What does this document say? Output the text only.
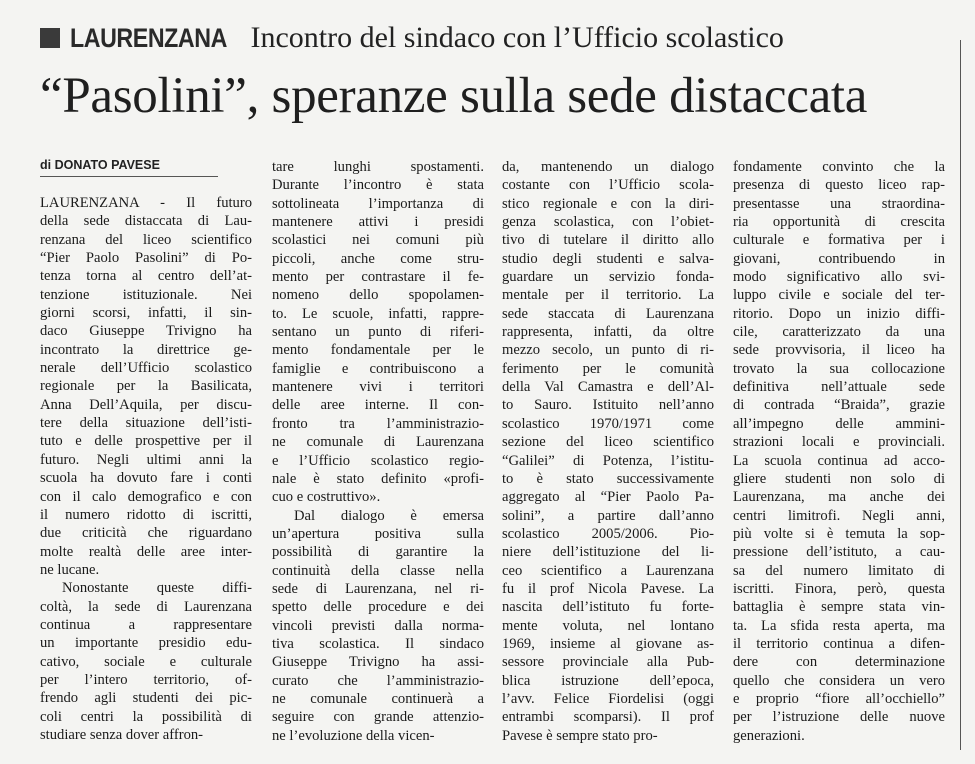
LAURENZANA Incontro del sindaco con l’Ufficio scolastico
“Pasolini”, speranze sulla sede distaccata
di DONATO PAVESE
LAURENZANA - Il futuro
della sede distaccata di Lau-
renzana del liceo scientifico
“Pier Paolo Pasolini” di Po-
tenza torna al centro dell’at-
tenzione istituzionale. Nei
giorni scorsi, infatti, il sin-
daco Giuseppe Trivigno ha
incontrato la direttrice ge-
nerale dell’Ufficio scolastico
regionale per la Basilicata,
Anna Dell’Aquila, per discu-
tere della situazione dell’isti-
tuto e delle prospettive per il
futuro. Negli ultimi anni la
scuola ha dovuto fare i conti
con il calo demografico e con
il numero ridotto di iscritti,
due criticità che riguardano
molte realtà delle aree inter-
ne lucane.
Nonostante queste diffi-
coltà, la sede di Laurenzana
continua a rappresentare
un importante presidio edu-
cativo, sociale e culturale
per l’intero territorio, of-
frendo agli studenti dei pic-
coli centri la possibilità di
studiare senza dover affron-
tare lunghi spostamenti.
Durante l’incontro è stata
sottolineata l’importanza di
mantenere attivi i presidi
scolastici nei comuni più
piccoli, anche come stru-
mento per contrastare il fe-
nomeno dello spopolamen-
to. Le scuole, infatti, rappre-
sentano un punto di riferi-
mento fondamentale per le
famiglie e contribuiscono a
mantenere vivi i territori
delle aree interne. Il con-
fronto tra l’amministrazio-
ne comunale di Laurenzana
e l’Ufficio scolastico regio-
nale è stato definito «profi-
cuo e costruttivo».
Dal dialogo è emersa
un’apertura positiva sulla
possibilità di garantire la
continuità della classe nella
sede di Laurenzana, nel ri-
spetto delle procedure e dei
vincoli previsti dalla norma-
tiva scolastica. Il sindaco
Giuseppe Trivigno ha assi-
curato che l’amministrazio-
ne comunale continuerà a
seguire con grande attenzio-
ne l’evoluzione della vicen-
da, mantenendo un dialogo
costante con l’Ufficio scola-
stico regionale e con la diri-
genza scolastica, con l’obiet-
tivo di tutelare il diritto allo
studio degli studenti e salva-
guardare un servizio fonda-
mentale per il territorio. La
sede staccata di Laurenzana
rappresenta, infatti, da oltre
mezzo secolo, un punto di ri-
ferimento per le comunità
della Val Camastra e dell’Al-
to Sauro. Istituito nell’anno
scolastico 1970/1971 come
sezione del liceo scientifico
“Galilei” di Potenza, l’istitu-
to è stato successivamente
aggregato al “Pier Paolo Pa-
solini”, a partire dall’anno
scolastico 2005/2006. Pio-
niere dell’istituzione del li-
ceo scientifico a Laurenzana
fu il prof Nicola Pavese. La
nascita dell’istituto fu forte-
mente voluta, nel lontano
1969, insieme al giovane as-
sessore provinciale alla Pub-
blica istruzione dell’epoca,
l’avv. Felice Fiordelisi (oggi
entrambi scomparsi). Il prof
Pavese è sempre stato pro-
fondamente convinto che la
presenza di questo liceo rap-
presentasse una straordina-
ria opportunità di crescita
culturale e formativa per i
giovani, contribuendo in
modo significativo allo svi-
luppo civile e sociale del ter-
ritorio. Dopo un inizio diffi-
cile, caratterizzato da una
sede provvisoria, il liceo ha
trovato la sua collocazione
definitiva nell’attuale sede
di contrada “Braida”, grazie
all’impegno delle ammini-
strazioni locali e provinciali.
La scuola continua ad acco-
gliere studenti non solo di
Laurenzana, ma anche dei
centri limitrofi. Negli anni,
più volte si è temuta la sop-
pressione dell’istituto, a cau-
sa del numero limitato di
iscritti. Finora, però, questa
battaglia è sempre stata vin-
ta. La sfida resta aperta, ma
il territorio continua a difen-
dere con determinazione
quello che considera un vero
e proprio “fiore all’occhiello”
per l’istruzione delle nuove
generazioni.
